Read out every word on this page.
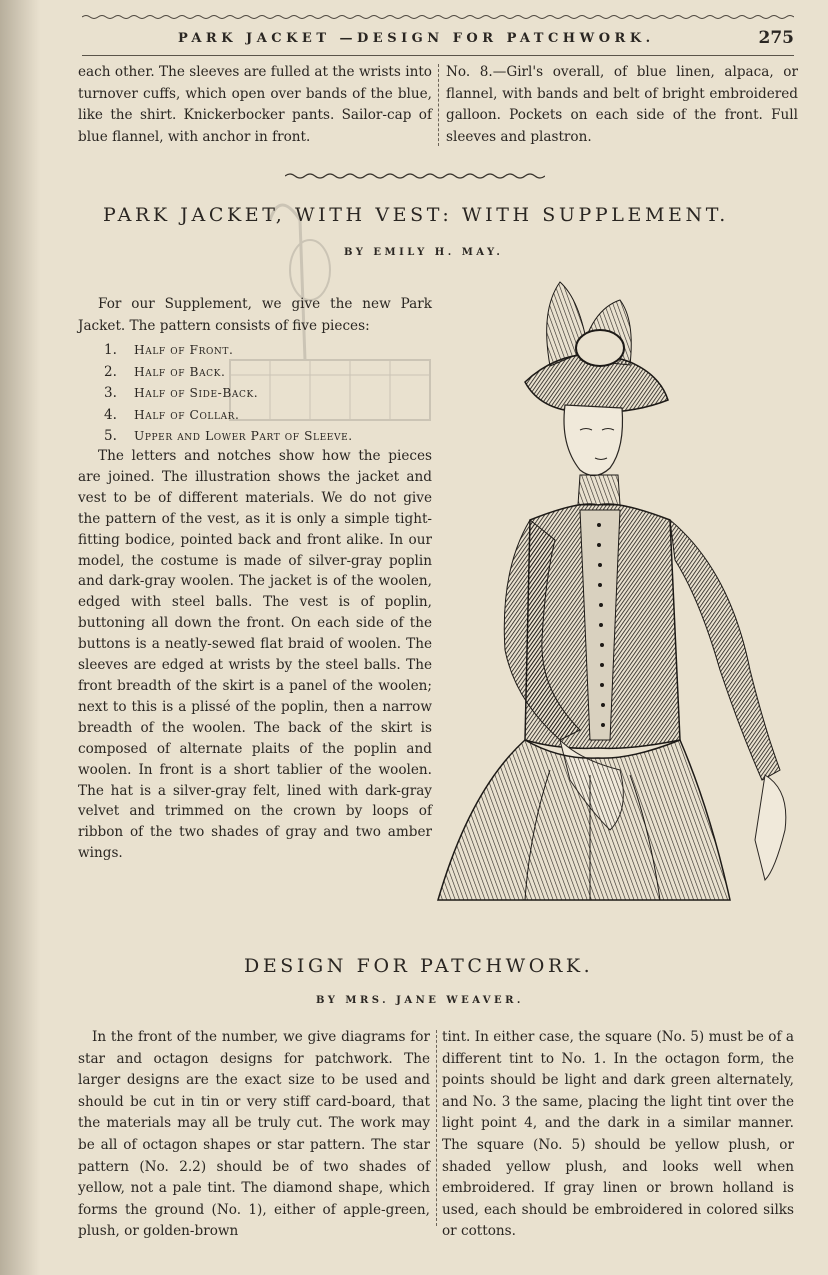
PARK JACKET —DESIGN FOR PATCHWORK.	275

each other. The sleeves are fulled at the wrists into turnover cuffs, which open over bands of the blue, like the shirt. Knickerbocker pants. Sailor-cap of blue flannel, with anchor in front.

No. 8.—Girl's overall, of blue linen, alpaca, or flannel, with bands and belt of bright embroidered galloon. Pockets on each side of the front. Full sleeves and plastron.

PARK JACKET, WITH VEST: WITH SUPPLEMENT.
BY EMILY H. MAY.

For our Supplement, we give the new Park Jacket. The pattern consists of five pieces:

1. Half of Front.
2. Half of Back.
3. Half of Side-Back.
4. Half of Collar.
5. Upper and Lower Part of Sleeve.

The letters and notches show how the pieces are joined. The illustration shows the jacket and vest to be of different materials. We do not give the pattern of the vest, as it is only a simple tight-fitting bodice, pointed back and front alike. In our model, the costume is made of silver-gray poplin and dark-gray woolen. The jacket is of the woolen, edged with steel balls. The vest is of poplin, buttoning all down the front. On each side of the buttons is a neatly-sewed flat braid of woolen. The sleeves are edged at wrists by the steel balls. The front breadth of the skirt is a panel of the woolen; next to this is a plissé of the poplin, then a narrow breadth of the woolen. The back of the skirt is composed of alternate plaits of the poplin and woolen. In front is a short tablier of the woolen. The hat is a silver-gray felt, lined with dark-gray velvet and trimmed on the crown by loops of ribbon of the two shades of gray and two amber wings.

DESIGN FOR PATCHWORK.
BY MRS. JANE WEAVER.

In the front of the number, we give diagrams for star and octagon designs for patchwork. The larger designs are the exact size to be used and should be cut in tin or very stiff card-board, that the materials may all be truly cut. The work may be all of octagon shapes or star pattern. The star pattern (No. 2.2) should be of two shades of yellow, not a pale tint. The diamond shape, which forms the ground (No. 1), either of apple-green, plush, or golden-brown

tint. In either case, the square (No. 5) must be of a different tint to No. 1. In the octagon form, the points should be light and dark green alternately, and No. 3 the same, placing the light tint over the light point 4, and the dark in a similar manner. The square (No. 5) should be yellow plush, or shaded yellow plush, and looks well when embroidered. If gray linen or brown holland is used, each should be embroidered in colored silks or cottons.
